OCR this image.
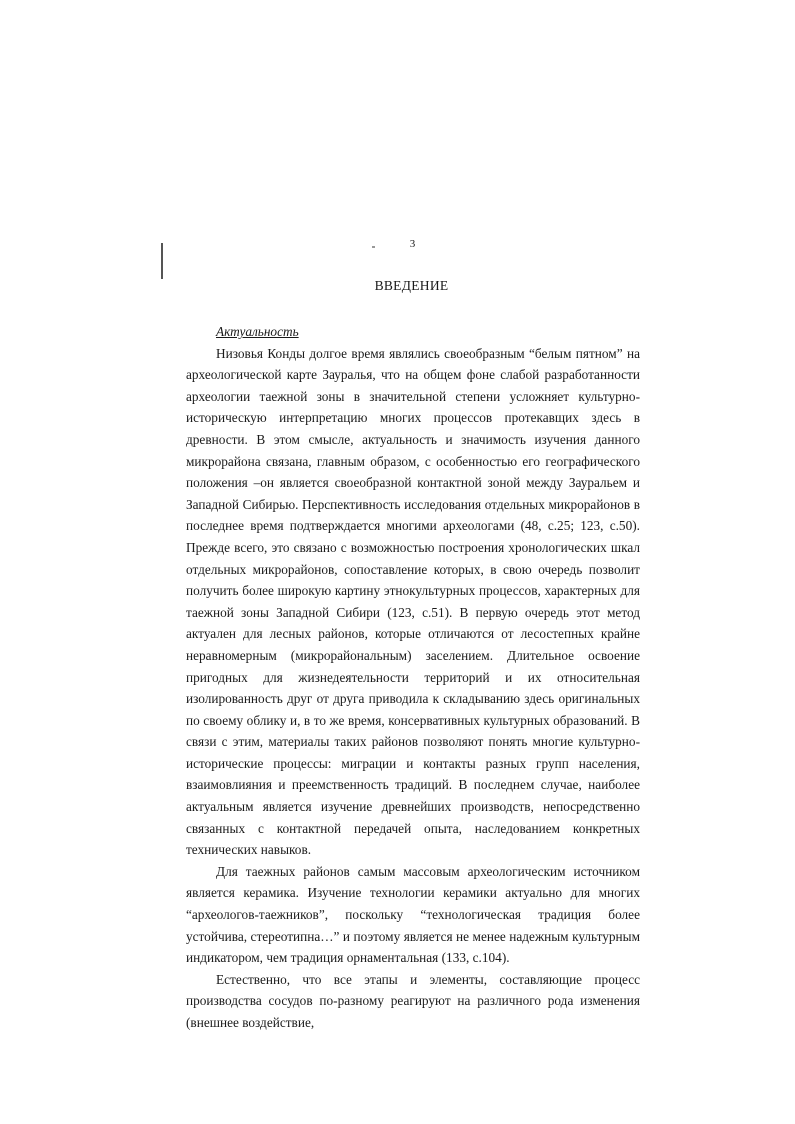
3
ВВЕДЕНИЕ
Актуальность

Низовья Конды долгое время являлись своеобразным “белым пятном” на археологической карте Зауралья, что на общем фоне слабой разработанности археологии таежной зоны в значительной степени усложняет культурно-историческую интерпретацию многих процессов протекавщих здесь в древности. В этом смысле, актуальность и значимость изучения данного микрорайона связана, главным образом, с особенностью его географического положения –он является своеобразной контактной зоной между Зауральем и Западной Сибирью. Перспективность исследования отдельных микрорайонов в последнее время подтверждается многими археологами (48, с.25; 123, с.50). Прежде всего, это связано с возможностью построения хронологических шкал отдельных микрорайонов, сопоставление которых, в свою очередь позволит получить более широкую картину этнокультурных процессов, характерных для таежной зоны Западной Сибири (123, с.51). В первую очередь этот метод актуален для лесных районов, которые отличаются от лесостепных крайне неравномерным (микрорайональным) заселением. Длительное освоение пригодных для жизнедеятельности территорий и их относительная изолированность друг от друга приводила к складыванию здесь оригинальных по своему облику и, в то же время, консервативных культурных образований. В связи с этим, материалы таких районов позволяют понять многие культурно-исторические процессы: миграции и контакты разных групп населения, взаимовлияния и преемственность традиций. В последнем случае, наиболее актуальным является изучение древнейших производств, непосредственно связанных с контактной передачей опыта, наследованием конкретных технических навыков.

Для таежных районов самым массовым археологическим источником является керамика. Изучение технологии керамики актуально для многих “археологов-таежников”, поскольку “технологическая традиция более устойчива, стереотипна…” и поэтому является не менее надежным культурным индикатором, чем традиция орнаментальная (133, с.104).

Естественно, что все этапы и элементы, составляющие процесс производства сосудов по-разному реагируют на различного рода изменения (внешнее воздействие,
